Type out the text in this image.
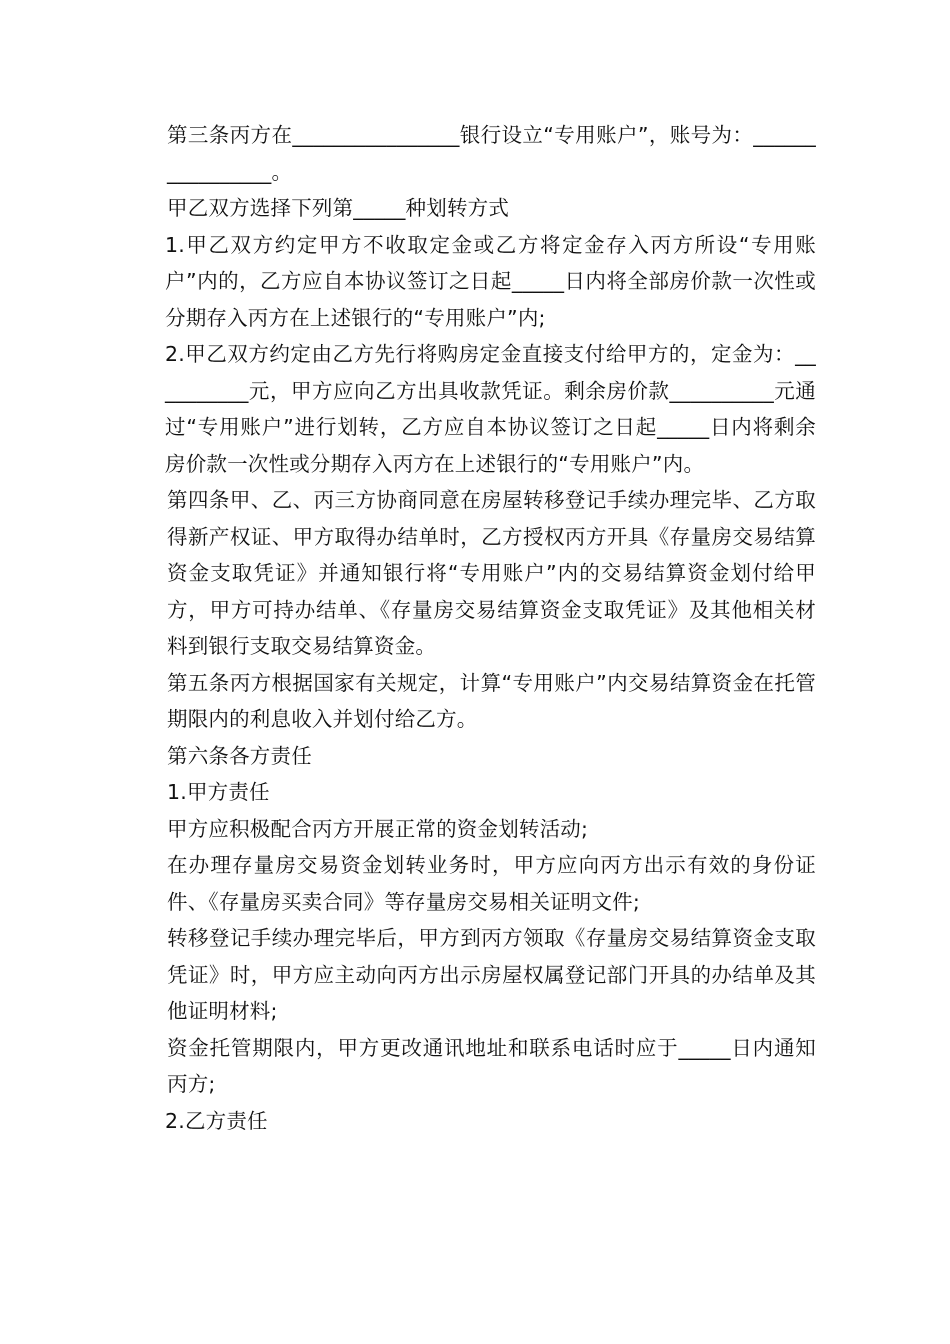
第三条丙方在________________银行设立“专用账户”，账号为：________________。

甲乙双方选择下列第_____种划转方式

1.甲乙双方约定甲方不收取定金或乙方将定金存入丙方所设“专用账户”内的，乙方应自本协议签订之日起_____日内将全部房价款一次性或分期存入丙方在上述银行的“专用账户”内;

2.甲乙双方约定由乙方先行将购房定金直接支付给甲方的，定金为：__________元，甲方应向乙方出具收款凭证。剩余房价款__________元通过“专用账户”进行划转，乙方应自本协议签订之日起_____日内将剩余房价款一次性或分期存入丙方在上述银行的“专用账户”内。

第四条甲、乙、丙三方协商同意在房屋转移登记手续办理完毕、乙方取得新产权证、甲方取得办结单时，乙方授权丙方开具《存量房交易结算资金支取凭证》并通知银行将“专用账户”内的交易结算资金划付给甲方，甲方可持办结单、《存量房交易结算资金支取凭证》及其他相关材料到银行支取交易结算资金。

第五条丙方根据国家有关规定，计算“专用账户”内交易结算资金在托管期限内的利息收入并划付给乙方。

第六条各方责任

1.甲方责任

甲方应积极配合丙方开展正常的资金划转活动;

在办理存量房交易资金划转业务时，甲方应向丙方出示有效的身份证件、《存量房买卖合同》等存量房交易相关证明文件;

转移登记手续办理完毕后，甲方到丙方领取《存量房交易结算资金支取凭证》时，甲方应主动向丙方出示房屋权属登记部门开具的办结单及其他证明材料;

资金托管期限内，甲方更改通讯地址和联系电话时应于_____日内通知丙方;

2.乙方责任
